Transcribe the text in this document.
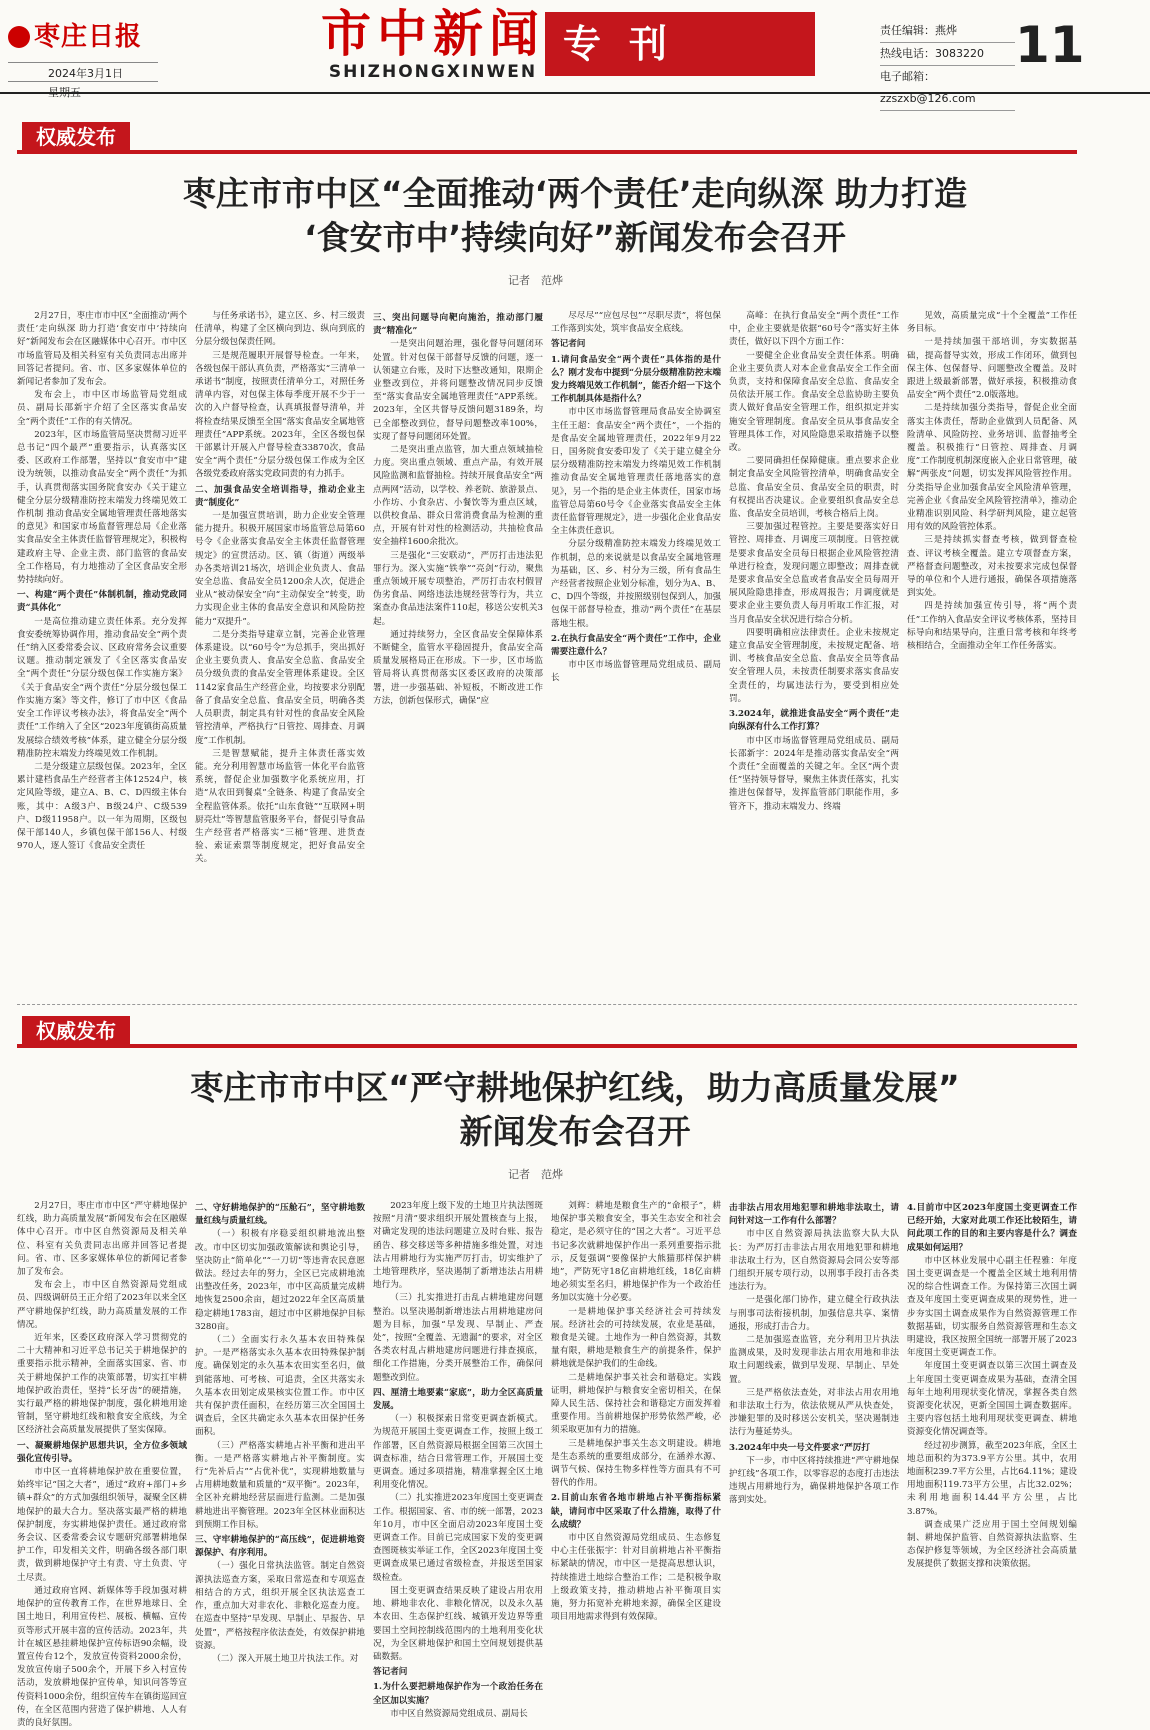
枣庄日报
2024年3月1日
星期五
市中新闻
SHIZHONGXINWEN
专刊	责任编辑：燕烨
热线电话：3083220
电子邮箱：zzszxb@126.com
11
权威发布
枣庄市市中区“全面推动‘两个责任’走向纵深 助力打造
‘食安市中’持续向好”新闻发布会召开
记者　范烨

2月27日，枣庄市市中区“全面推动‘两个责任’走向纵深 助力打造‘食安市中’持续向好”新闻发布会在区融媒体中心召开。市中区市场监管局及相关科室有关负责同志出席并回答记者提问。省、市、区多家媒体单位的新闻记者参加了发布会。

发布会上，市中区市场监管局党组成员、副局长邵新宇介绍了全区落实食品安全“两个责任”工作的有关情况。

2023年，区市场监管局坚决贯彻习近平总书记“四个最严”重要指示，认真落实区委、区政府工作部署，坚持以“食安市中”建设为统领，以推动食品安全“两个责任”为抓手，认真贯彻落实国务院食安办《关于建立健全分层分级精准防控末端发力终端见效工作机制 推动食品安全属地管理责任落地落实的意见》和国家市场监督管理总局《企业落实食品安全主体责任监督管理规定》，积极构建政府主导、企业主责、部门监管的食品安全工作格局，有力地推动了全区食品安全形势持续向好。

一、构建“两个责任”体制机制，推动党政同责“具体化”

一是高位推动建立责任体系。充分发挥食安委统筹协调作用，推动食品安全“两个责任”纳入区委常委会议、区政府常务会议重要议题。推动制定颁发了《全区落实食品安全“两个责任”分层分级包保工作实施方案》《关于食品安全“两个责任”分层分级包保工作实施方案》等文件，修订了市中区《食品安全工作评议考核办法》，将食品安全“两个责任”工作纳入了全区“2023年度镇街高质量发展综合绩效考核”体系，建立健全分层分级精准防控末端发力终端见效工作机制。

二是分级建立层级包保。2023年，全区累计建档食品生产经营者主体12524户，核定风险等级，建立A、B、C、D四级主体台账，其中：A级3户、B级24户、C级539户、D级11958户。以一年为周期，区级包保干部140人，乡镇包保干部156人、村级970人，逐人签订《食品安全责任

与任务承诺书》，建立区、乡、村三级责任清单，构建了全区横向到边、纵向到底的分层分级包保责任网。

三是规范履职开展督导检查。一年来，各级包保干部认真负责，严格落实“三清单一承诺书”制度，按照责任清单分工，对照任务清单内容，对包保主体每季度开展不少于一次的入户督导检查，认真填报督导清单，并将检查结果反馈至全国“落实食品安全属地管理责任”APP系统。2023年，全区各级包保干部累计开展入户督导检查33870次，食品安全“两个责任”分层分级包保工作成为全区各级党委政府落实党政同责的有力抓手。

二、加强食品安全培训指导，推动企业主责“制度化”

一是加强宣贯培训，助力企业安全管理能力提升。积极开展国家市场监管总局第60号令《企业落实食品安全主体责任监督管理规定》的宣贯活动。区、镇（街道）两级举办各类培训21场次，培训企业负责人、食品安全总监、食品安全员1200余人次，促进企业从“被动保安全”向“主动保安全”转变，助力实现企业主体的食品安全意识和风险防控能力“双提升”。

二是分类指导建章立制，完善企业管理体系建设。以“60号令”为总抓手，突出抓好企业主要负责人、食品安全总监、食品安全员分级负责的食品安全管理体系建设。全区1142家食品生产经营企业，均按要求分别配备了食品安全总监、食品安全员，明确各类人员职责，制定具有针对性的食品安全风险管控清单，严格执行“日管控、周排查、月调度”工作机制。

三是智慧赋能，提升主体责任落实效能。充分利用智慧市场监管一体化平台监管系统，督促企业加强数字化系统应用，打造“从农田到餐桌”全链条、构建了食品安全全程监管体系。依托“山东食链”“互联网+明厨亮灶”等智慧监管服务平台，督促引导食品生产经营者严格落实“三桶”管理、进货查验、索证索票等制度规定，把好食品安全关。

三、突出问题导向靶向施治，推动部门履责“精准化”

一是突出问题治理，强化督导问题闭环处置。针对包保干部督导反馈的问题，逐一认领建立台账，及时下达整改通知，限期企业整改到位，并将问题整改情况同步反馈至“落实食品安全属地管理责任”APP系统。2023年，全区共督导反馈问题3189条，均已全部整改到位，督导问题整改率100%，实现了督导问题闭环处置。

二是突出重点监管，加大重点领域抽检力度。突出重点领域、重点产品，有效开展风险监测和监督抽检。持续开展食品安全“两点两网”活动，以学校、养老院、旅游景点、小作坊、小食杂店、小餐饮等为重点区域，以供校食品、群众日常消费食品为检测的重点，开展有针对性的检测活动，共抽检食品安全抽样1600余批次。

三是强化“三安联动”，严厉打击违法犯罪行为。深入实施“铁拳”“亮剑”行动，聚焦重点领域开展专项整治，严厉打击农村假冒伪劣食品、网络违法违规经营等行为，共立案查办食品违法案件110起，移送公安机关3起。

通过持续努力，全区食品安全保障体系不断健全，监管水平稳固提升，食品安全高质量发展格局正在形成。下一步，区市场监管局将认真贯彻落实区委区政府的决策部署，进一步强基础、补短板，不断改进工作方法，创新包保形式，确保“应

尽尽尽”“应包尽包”“尽职尽责”，将包保工作落到实处，筑牢食品安全底线。

答记者问

1.请问食品安全“两个责任”具体指的是什么？刚才发布中提到“分层分级精准防控末端发力终端见效工作机制”，能否介绍一下这个工作机制具体是指什么？

市中区市场监督管理局食品安全协调室主任王超：食品安全“两个责任”，一个指的是食品安全属地管理责任，2022年9月22日，国务院食安委印发了《关于建立健全分层分级精准防控末端发力终端见效工作机制 推动食品安全属地管理责任落地落实的意见》，另一个指的是企业主体责任，国家市场监管总局第60号令《企业落实食品安全主体责任监督管理规定》，进一步强化企业食品安全主体责任意识。

分层分级精准防控末端发力终端见效工作机制，总的来说就是以食品安全属地管理为基础，区、乡、村分为三级，所有食品生产经营者按照企业划分标准，划分为A、B、C、D四个等级，并按照级别包保到人，加强包保干部督导检查，推动“两个责任”在基层落地生根。

2.在执行食品安全“两个责任”工作中，企业需要注意什么？

市中区市场监督管理局党组成员、副局长

高峰：在执行食品安全“两个责任”工作中，企业主要就是依据“60号令”落实好主体责任，做好以下四个方面工作：

一要健全企业食品安全责任体系。明确企业主要负责人对本企业食品安全工作全面负责，支持和保障食品安全总监、食品安全员依法开展工作。食品安全总监协助主要负责人做好食品安全管理工作，组织拟定并实施安全管理制度。食品安全员从事食品安全管理具体工作，对风险隐患采取措施予以整改。

二要同确担任保障健康。重点要求企业制定食品安全风险管控清单，明确食品安全总监、食品安全员、食品安全员的职责，时有权提出否决建议。企业要组织食品安全总监、食品安全员培训，考核合格后上岗。

三要加强过程管控。主要是要落实好日管控、周排查、月调度三项制度。日管控就是要求食品安全员每日根据企业风险管控清单进行检查，发现问题立即整改；周排查就是要求食品安全总监或者食品安全员每周开展风险隐患排查，形成周报告；月调度就是要求企业主要负责人每月听取工作汇报，对当月食品安全状况进行综合分析。

四要明确相应法律责任。企业未按规定建立食品安全管理制度，未按规定配备、培训、考核食品安全总监、食品安全员等食品安全管理人员，未按责任制要求落实食品安全责任的，均属违法行为，要受到相应处罚。

3.2024年，就推进食品安全“两个责任”走向纵深有什么工作打算？

市中区市场监督管理局党组成员、副局长邵新宇：2024年是推动落实食品安全“两个责任”全面覆盖的关键之年。全区“两个责任”坚持领导督导，聚焦主体责任落实，扎实推进包保督导，发挥监管部门职能作用，多管齐下，推动末端发力、终端

见效，高质量完成“十个全覆盖”工作任务目标。

一是持续加强干部培训，夯实数据基础，提高督导实效，形成工作闭环，做到包保主体、包保督导、问题整改全覆盖。及时跟进上级最新部署，做好承接，积极推动食品安全“两个责任”2.0版落地。

二是持续加强分类指导，督促企业全面落实主体责任，帮助企业做到人员配备、风险清单、风险防控、业务培训、监督抽考全覆盖。积极推行“日管控、周排查、月调度”工作制度机制深度嵌入企业日常管理，破解“两张皮”问题，切实发挥风险管控作用。分类指导企业加强食品安全风险清单管理，完善企业《食品安全风险管控清单》，推动企业精准识别风险、科学研判风险，建立起管用有效的风险管控体系。

三是持续抓实督查考核，做到督查检查、评议考核全覆盖。建立专项督查方案，严格督查问题整改，对未按要求完成包保督导的单位和个人进行通报，确保各项措施落到实处。

四是持续加强宣传引导，将“两个责任”工作纳入食品安全评议考核体系，坚持目标导向和结果导向，注重日常考核和年终考核相结合，全面推动全年工作任务落实。

权威发布
枣庄市市中区“严守耕地保护红线，助力高质量发展”
新闻发布会召开
记者　范烨

2月27日，枣庄市市中区“严守耕地保护红线，助力高质量发展”新闻发布会在区融媒体中心召开。市中区自然资源局及相关单位、科室有关负责同志出席并回答记者提问。省、市、区多家媒体单位的新闻记者参加了发布会。

发布会上，市中区自然资源局党组成员、四级调研员王正介绍了2023年以来全区严守耕地保护红线，助力高质量发展的工作情况。

近年来，区委区政府深入学习贯彻党的二十大精神和习近平总书记关于耕地保护的重要指示批示精神，全面落实国家、省、市关于耕地保护工作的决策部署，切实扛牢耕地保护政治责任，坚持“长牙齿”的硬措施，实行最严格的耕地保护制度，强化耕地用途管制，坚守耕地红线和粮食安全底线，为全区经济社会高质量发展提供了坚实保障。

一、凝聚耕地保护思想共识，全方位多领域强化宣传引导。

市中区一直将耕地保护放在重要位置，始终牢记“国之大者”，通过“政府+部门+乡镇+群众”的方式加强组织领导，凝聚全区耕地保护的最大合力。坚决落实最严格的耕地保护制度，夯实耕地保护责任。通过政府常务会议、区委常委会议专题研究部署耕地保护工作，印发相关文件，明确各级各部门职责，做到耕地保护守土有责、守土负责、守土尽责。

通过政府官网、新媒体等手段加强对耕地保护的宣传教育工作，在世界地球日、全国土地日，利用宣传栏、展板、横幅、宣传页等形式开展丰富的宣传活动。2023年，共计在城区悬挂耕地保护宣传标语90余幅，设置宣传台12个，发放宣传资料2000余份，发放宣传扇子500余个，开展下乡入村宣传活动，发放耕地保护宣传单，知识问答等宣传资料1000余份，组织宣传车在镇街巡回宣传，在全区范围内营造了保护耕地、人人有责的良好氛围。

二、守好耕地保护的“压舱石”，坚守耕地数量红线与质量红线。

（一）积极有序稳妥组织耕地流出整改。市中区切实加强政策解读和舆论引导，坚决防止“简单化”“一刀切”等违背农民意愿做法。经过去年的努力，全区已完成耕地流出整改任务，2023年，市中区高质量完成耕地恢复2500余亩，超过2022年全区高质量稳定耕地1783亩，超过市中区耕地保护目标3280亩。

（二）全面实行永久基本农田特殊保护。一是严格落实永久基本农田特殊保护制度。确保划定的永久基本农田实至名归，做到能落地、可考核、可追责，全区共落实永久基本农田划定成果核实位置工作。市中区共有保护责任面积，在经历第三次全国国土调查后，全区共确定永久基本农田保护任务面积。

（三）严格落实耕地占补平衡和进出平衡。一是严格落实耕地占补平衡制度。实行“先补后占”“占优补优”，实现耕地数量与占用耕地数量和质量的“双平衡”。2023年，全区补充耕地经营层面进行监测。二是加强耕地进出平衡管理。2023年全区林业面积达到预期工作目标。

三、守牢耕地保护的“高压线”，促进耕地资源保护、有序利用。

（一）强化日常执法监管。制定自然资源执法巡查方案，采取日常巡查和专项巡查相结合的方式，组织开展全区执法巡查工作，重点加大对非农化、非粮化巡查力度。在巡查中坚持“早发现、早制止、早报告、早处置”，严格按程序依法查处，有效保护耕地资源。

（二）深入开展土地卫片执法工作。对

2023年度上级下发的土地卫片执法图斑按照“月清”要求组织开展处置核查与上报，对确定发现的违法问题建立及时台账、报告函告、移交移送等多种措施多维处置，对违法占用耕地行为实施严厉打击，切实维护了土地管理秩序，坚决遏制了新增违法占用耕地行为。

（三）扎实推进打击乱占耕地建房问题整治。以坚决遏制新增违法占用耕地建房问题为目标，加强“早发现、早制止、严查处”，按照“全覆盖、无遗漏”的要求，对全区各类农村乱占耕地建房问题进行排查摸底，细化工作措施，分类开展整治工作，确保问题整改到位。

四、厘清土地要素“家底”，助力全区高质量发展。

（一）积极探索日常变更调查新模式。为规范开展国土变更调查工作，按照上级工作部署，区自然资源局根据全国第三次国土调查标准，结合日常管理工作，开展国土变更调查。通过多项措施，精准掌握全区土地利用变化情况。

（二）扎实推进2023年度国土变更调查工作。根据国家、省、市的统一部署，2023年10月，市中区全面启动2023年度国土变更调查工作。目前已完成国家下发的变更调查图斑核实举证工作，全区2023年度国土变更调查成果已通过省级检查，并报送至国家级检查。

国土变更调查结果反映了建设占用农用地、耕地非农化、非粮化情况，以及永久基本农田、生态保护红线、城镇开发边界等重要国土空间控制线范围内的土地利用变化状况，为全区耕地保护和国土空间规划提供基础数据。

答记者问

1.为什么要把耕地保护作为一个政治任务在全区加以实施？

市中区自然资源局党组成员、副局长

刘辉：耕地是粮食生产的“命根子”，耕地保护事关粮食安全，事关生态安全和社会稳定，是必须守住的“国之大者”。习近平总书记多次就耕地保护作出一系列重要指示批示，反复强调“要像保护大熊猫那样保护耕地”，严防死守18亿亩耕地红线，18亿亩耕地必须实至名归，耕地保护作为一个政治任务加以实施十分必要。

一是耕地保护事关经济社会可持续发展。经济社会的可持续发展，农业是基础，粮食是关键。土地作为一种自然资源，其数量有限，耕地是粮食生产的前提条件，保护耕地就是保护我们的生命线。

二是耕地保护事关社会和谐稳定。实践证明，耕地保护与粮食安全密切相关，在保障人民生活、保持社会和谐稳定方面发挥着重要作用。当前耕地保护形势依然严峻，必须采取更加有力的措施。

三是耕地保护事关生态文明建设。耕地是生态系统的重要组成部分，在涵养水源、调节气候、保持生物多样性等方面具有不可替代的作用。

2.目前山东省各地市耕地占补平衡指标紧缺，请问市中区采取了什么措施，取得了什么成绩？

市中区自然资源局党组成员、生态修复中心主任张振宇：针对目前耕地占补平衡指标紧缺的情况，市中区一是提高思想认识，持续推进土地综合整治工作；二是积极争取上级政策支持，推动耕地占补平衡项目实施，努力拓宽补充耕地来源，确保全区建设项目用地需求得到有效保障。

击非法占用农用地犯罪和耕地非法取土，请问针对这一工作有什么部署？

市中区自然资源局执法监察大队大队长：为严厉打击非法占用农用地犯罪和耕地非法取土行为，区自然资源局会同公安等部门组织开展专项行动，以刑事手段打击各类违法行为。

一是强化部门协作，建立健全行政执法与刑事司法衔接机制，加强信息共享、案情通报，形成打击合力。

二是加强巡查监管，充分利用卫片执法监测成果，及时发现非法占用农用地和非法取土问题线索，做到早发现、早制止、早处置。

三是严格依法查处，对非法占用农用地和非法取土行为，依法依规从严从快查处，涉嫌犯罪的及时移送公安机关，坚决遏制违法行为蔓延势头。

3.2024年中央一号文件要求“严厉打

下一步，市中区将持续推进“严守耕地保护红线”各项工作，以零容忍的态度打击违法违规占用耕地行为，确保耕地保护各项工作落到实处。

4.目前市中区2023年度国土变更调查工作已经开始，大家对此项工作还比较陌生，请问此项工作的目的和主要内容是什么？调查成果如何运用？

市中区林业发展中心副主任程雅：年度国土变更调查是一个覆盖全区域土地利用情况的综合性调查工作。为保持第三次国土调查及年度国土变更调查成果的现势性，进一步夯实国土调查成果作为自然资源管理工作数据基础，切实服务自然资源管理和生态文明建设，我区按照全国统一部署开展了2023年度国土变更调查工作。

年度国土变更调查以第三次国土调查及上年度国土变更调查成果为基础，查清全国每年土地利用现状变化情况，掌握各类自然资源变化状况，更新全国国土调查数据库。主要内容包括土地利用现状变更调查、耕地资源变化情况调查等。

经过初步测算，截至2023年底，全区土地总面积约为373.9平方公里。其中，农用地面积239.7平方公里，占比64.11%；建设用地面积119.73平方公里，占比32.02%；未利用地面积14.44平方公里，占比3.87%。

调查成果广泛应用于国土空间规划编制、耕地保护监管、自然资源执法监察、生态保护修复等领域，为全区经济社会高质量发展提供了数据支撑和决策依据。
